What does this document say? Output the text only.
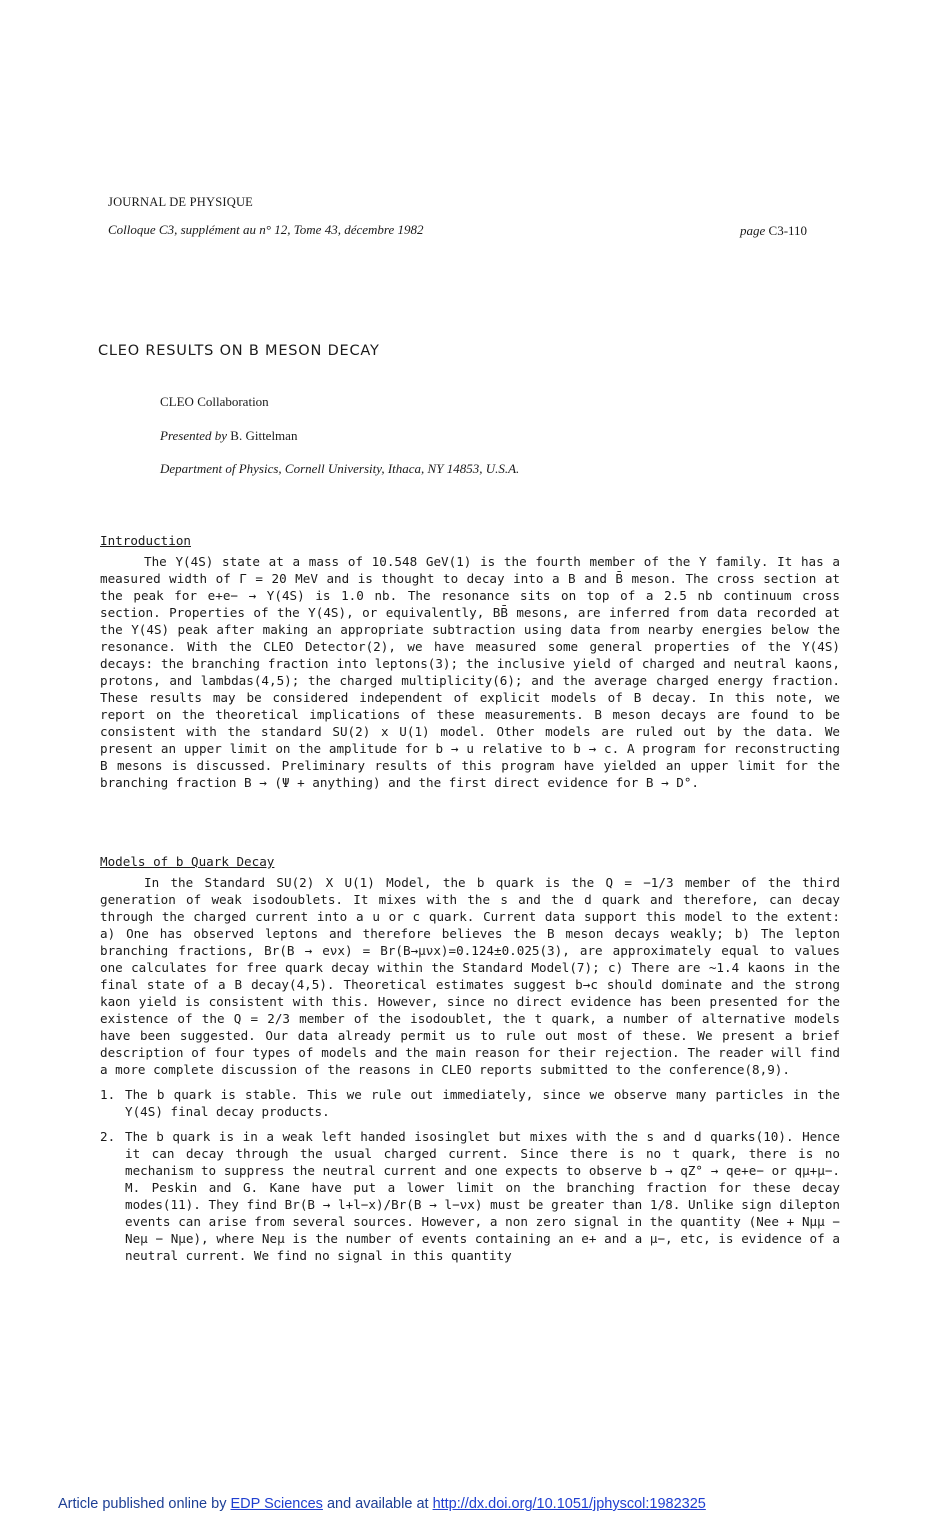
JOURNAL DE PHYSIQUE
Colloque C3, supplément au n° 12, Tome 43, décembre 1982	page C3-110
CLEO RESULTS ON B MESON DECAY
CLEO Collaboration
Presented by B. Gittelman
Department of Physics, Cornell University, Ithaca, NY 14853, U.S.A.
Introduction

The Υ(4S) state at a mass of 10.548 GeV(1) is the fourth member of the Υ family. It has a measured width of Γ = 20 MeV and is thought to decay into a B and B̄ meson. The cross section at the peak for e+e− → Υ(4S) is 1.0 nb. The resonance sits on top of a 2.5 nb continuum cross section. Properties of the Υ(4S), or equivalently, BB̄ mesons, are inferred from data recorded at the Υ(4S) peak after making an appropriate subtraction using data from nearby energies below the resonance. With the CLEO Detector(2), we have measured some general properties of the Υ(4S) decays: the branching fraction into leptons(3); the inclusive yield of charged and neutral kaons, protons, and lambdas(4,5); the charged multiplicity(6); and the average charged energy fraction. These results may be considered independent of explicit models of B decay. In this note, we report on the theoretical implications of these measurements. B meson decays are found to be consistent with the standard SU(2) x U(1) model. Other models are ruled out by the data. We present an upper limit on the amplitude for b → u relative to b → c. A program for reconstructing B mesons is discussed. Preliminary results of this program have yielded an upper limit for the branching fraction B → (Ψ + anything) and the first direct evidence for B → D°.

Models of b Quark Decay

In the Standard SU(2) X U(1) Model, the b quark is the Q = −1/3 member of the third generation of weak isodoublets. It mixes with the s and the d quark and therefore, can decay through the charged current into a u or c quark. Current data support this model to the extent: a) One has observed leptons and therefore believes the B meson decays weakly; b) The lepton branching fractions, Br(B → eνx) = Br(B→μνx)=0.124±0.025(3), are approximately equal to values one calculates for free quark decay within the Standard Model(7); c) There are ~1.4 kaons in the final state of a B decay(4,5). Theoretical estimates suggest b→c should dominate and the strong kaon yield is consistent with this. However, since no direct evidence has been presented for the existence of the Q = 2/3 member of the isodoublet, the t quark, a number of alternative models have been suggested. Our data already permit us to rule out most of these. We present a brief description of four types of models and the main reason for their rejection. The reader will find a more complete discussion of the reasons in CLEO reports submitted to the conference(8,9).

1. The b quark is stable. This we rule out immediately, since we observe many particles in the Υ(4S) final decay products.
2. The b quark is in a weak left handed isosinglet but mixes with the s and d quarks(10). Hence it can decay through the usual charged current. Since there is no t quark, there is no mechanism to suppress the neutral current and one expects to observe b → qZ° → qe+e− or qμ+μ−. M. Peskin and G. Kane have put a lower limit on the branching fraction for these decay modes(11). They find Br(B → l+l−x)/Br(B → l−νx) must be greater than 1/8. Unlike sign dilepton events can arise from several sources. However, a non zero signal in the quantity (Nee + Nμμ − Neμ − Nμe), where Neμ is the number of events containing an e+ and a μ−, etc, is evidence of a neutral current. We find no signal in this quantity
Article published online by EDP Sciences and available at http://dx.doi.org/10.1051/jphyscol:1982325
